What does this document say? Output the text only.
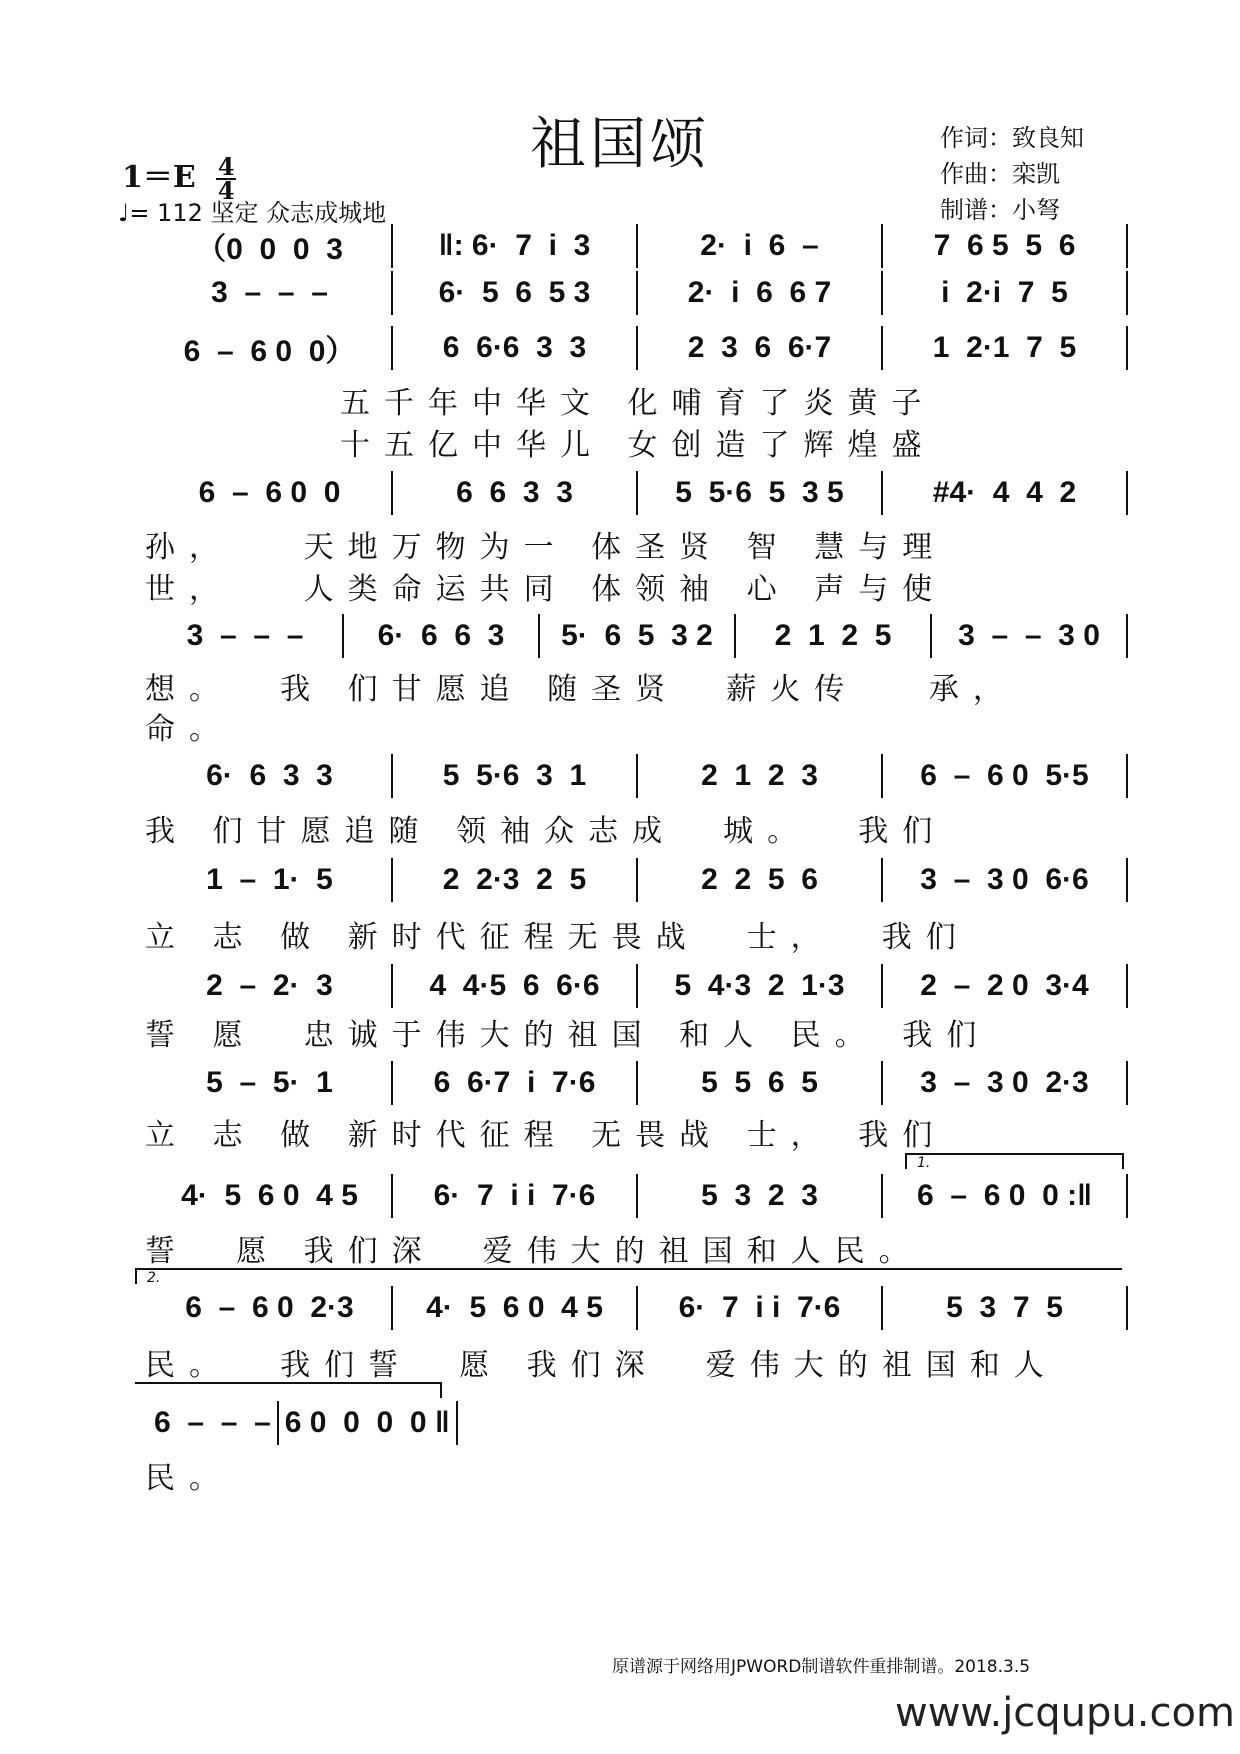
祖国颂
$1=E \frac{4}{4}$
♩= 112 坚定 众志成城地
作词：致良知
作曲：栾凯
制谱：小弩
（0  0  0  3	‖: 6·  7  i  3	2·  i  6  –	7  6 5  5  6
3  –  –  –	6·  5  6  5 3	2·  i  6  6 7	i  2·i  7  5
6  –  6 0  0）	6  6·6  3  3	2  3  6  6·7	1  2·1  7  5
五千年中华文 化哺育了炎黄子
十五亿中华儿 女创造了辉煌盛
6  –  6 0  0	6  6  3  3	5  5·6  5  3 5	#4·  4  4  2
孙，   天地万物为一 体圣贤 智 慧与理
世，   人类命运共同 体领袖 心 声与使
3  –  –  –	6·  6  6  3	5·  6  5  3 2	2  1  2  5	3  –  –  3 0
想。  我 们甘愿追 随圣贤  薪火传   承，
命。
6·  6  3  3	5  5·6  3  1	2  1  2  3	6  –  6 0  5·5
我 们甘愿追随 领袖众志成  城。  我们
1  –  1·  5	2  2·3  2  5	2  2  5  6	3  –  3 0  6·6
立 志 做 新时代征程无畏战  士，  我们
2  –  2·  3	4  4·5  6  6·6	5  4·3  2  1·3	2  –  2 0  3·4
誓 愿  忠诚于伟大的祖国 和人 民。 我们
5  –  5·  1	6  6·7  i  7·6	5  5  6  5	3  –  3 0  2·3
立 志 做 新时代征程 无畏战 士， 我们
4·  5  6 0  4 5	6·  7  i i  7·6	5  3  2  3	6  –  6 0  0 :‖
1.
誓  愿 我们深  爱伟大的祖国和人民。
6  –  6 0  2·3	4·  5  6 0  4 5	6·  7  i i  7·6	5  3  7  5
2.
民。  我们誓  愿 我们深  爱伟大的祖国和人
6  –  –  – 6 0  0  0  0 ‖
民。
原谱源于网络用JPWORD制谱软件重排制谱。2018.3.5
www.jcqupu.com
